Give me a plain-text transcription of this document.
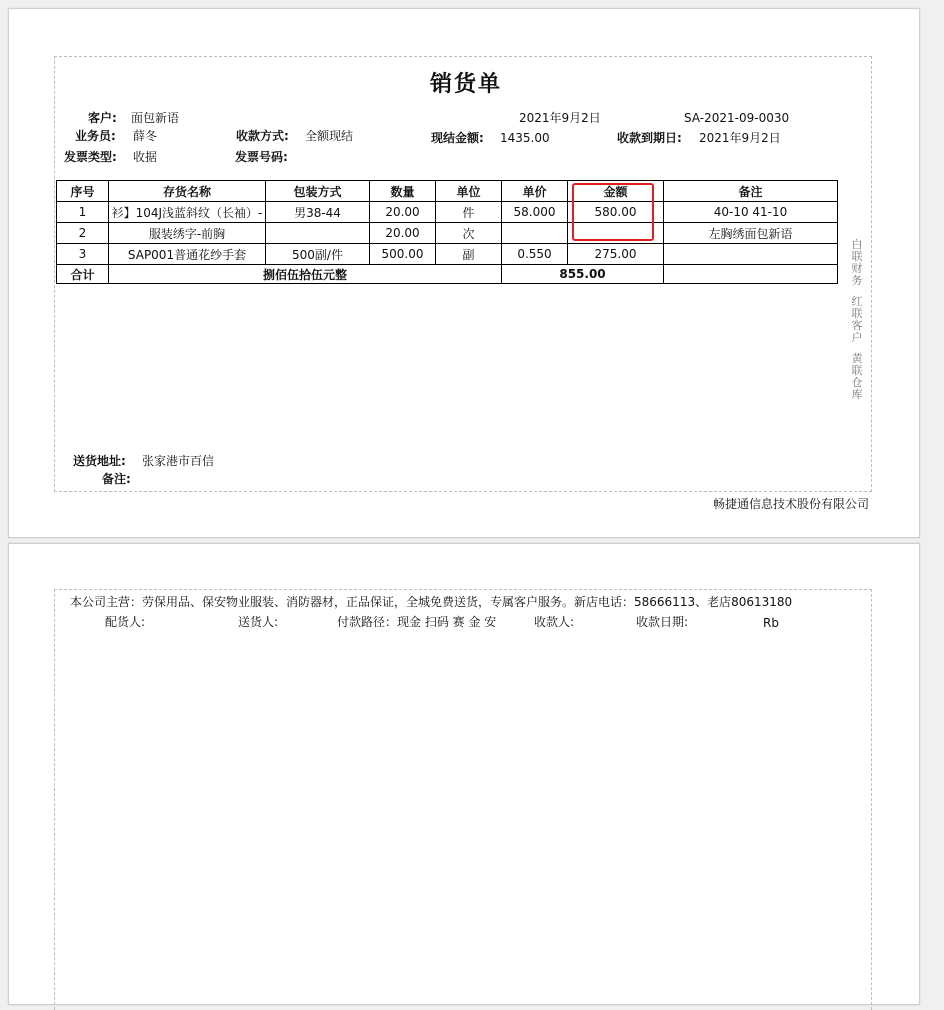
销货单
客户: 面包新语	2021年9月2日	SA-2021-09-0030
业务员: 薛冬	收款方式: 全额现结	现结金额: 1435.00	收款到期日: 2021年9月2日
发票类型: 收据	发票号码:
序号	存货名称	包装方式	数量	单位	单价	金额	备注
1	衫】104J浅蓝斜纹（长袖）-	男38-44	20.00	件	58.000	580.00	40-10 41-10
2	服装绣字-前胸		20.00	次			左胸绣面包新语
3	SAP001普通花纱手套	500副/件	500.00	副	0.550	275.00	
合计	捌佰伍拾伍元整				855.00		
白联
财务
红联
客户
黄联
仓库
送货地址: 张家港市百信
备注:
畅捷通信息技术股份有限公司
本公司主营：劳保用品、保安物业服装、消防器材，正品保证，全城免费送货，专属客户服务。新店电话：58666113、老店80613180
配货人:	送货人:	付款路径：现金 扫码 赛 金 安	收款人:	收款日期:	Rb
